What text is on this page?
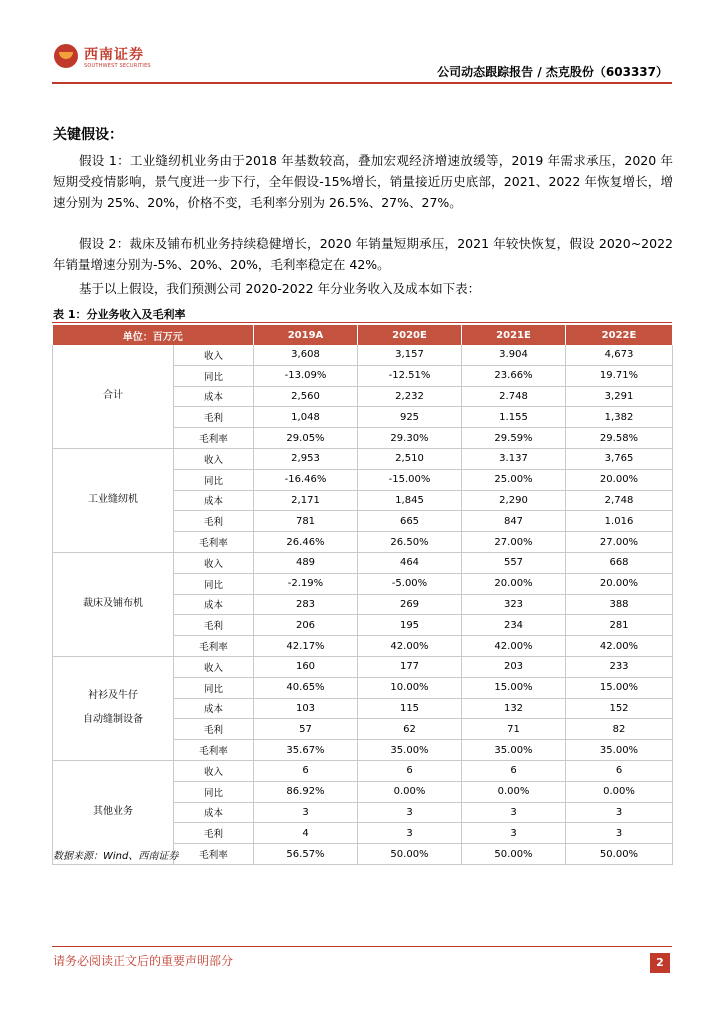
西南证券
SOUTHWEST SECURITIES	公司动态跟踪报告 / 杰克股份（603337）
关键假设：

假设 1：工业缝纫机业务由于2018 年基数较高，叠加宏观经济增速放缓等，2019 年需求承压，2020 年短期受疫情影响，景气度进一步下行，全年假设-15%增长，销量接近历史底部，2021、2022 年恢复增长，增速分别为 25%、20%，价格不变，毛利率分别为 26.5%、27%、27%。

假设 2：裁床及铺布机业务持续稳健增长，2020 年销量短期承压，2021 年较快恢复，假设 2020~2022 年销量增速分别为-5%、20%、20%，毛利率稳定在 42%。

基于以上假设，我们预测公司 2020-2022 年分业务收入及成本如下表：

表 1：分业务收入及毛利率
单位：百万元		2019A	2020E	2021E	2022E

合计	收入	3,608	3,157	3.904	4,673
	同比	-13.09%	-12.51%	23.66%	19.71%
	成本	2,560	2,232	2.748	3,291
	毛利	1,048	925	1.155	1,382
	毛利率	29.05%	29.30%	29.59%	29.58%

工业缝纫机	收入	2,953	2,510	3.137	3,765
	同比	-16.46%	-15.00%	25.00%	20.00%
	成本	2,171	1,845	2,290	2,748
	毛利	781	665	847	1.016
	毛利率	26.46%	26.50%	27.00%	27.00%

裁床及铺布机	收入	489	464	557	668
	同比	-2.19%	-5.00%	20.00%	20.00%
	成本	283	269	323	388
	毛利	206	195	234	281
	毛利率	42.17%	42.00%	42.00%	42.00%

衬衫及牛仔
自动缝制设备	收入	160	177	203	233
	同比	40.65%	10.00%	15.00%	15.00%
	成本	103	115	132	152
	毛利	57	62	71	82
	毛利率	35.67%	35.00%	35.00%	35.00%

其他业务	收入	6	6	6	6
	同比	86.92%	0.00%	0.00%	0.00%
	成本	3	3	3	3
	毛利	4	3	3	3
	毛利率	56.57%	50.00%	50.00%	50.00%
数据来源：Wind、西南证券
请务必阅读正文后的重要声明部分	2
